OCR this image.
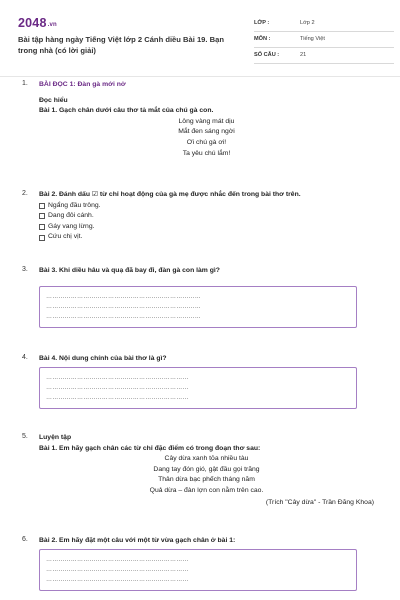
2048.vn
Bài tập hàng ngày Tiếng Việt lớp 2 Cánh diều Bài 19. Bạn trong nhà (có lời giải)
LỚP :	Lớp 2
MÔN :	Tiếng Việt
SỐ CÂU :	21
1. BÀI ĐỌC 1: Đàn gà mới nở
Đọc hiểu
Bài 1. Gạch chân dưới câu thơ tả mắt của chú gà con.
Lông vàng mát dịu
Mắt đen sáng ngời
Ơi chú gà ơi!
Ta yêu chú lắm!
2. Bài 2. Đánh dấu ☑ từ chỉ hoạt động của gà mẹ được nhắc đến trong bài thơ trên.
Ngẩng đầu trông.
Dang đôi cánh.
Gáy vang lừng.
Cứu chị vịt.
3. Bài 3. Khi diều hâu và quạ đã bay đi, đàn gà con làm gì?
…………………………………………………………………
…………………………………………………………………
…………………………………………………………………
4. Bài 4. Nội dung chính của bài thơ là gì?
……………………………………………………………
……………………………………………………………
……………………………………………………………
5. Luyện tập
Bài 1. Em hãy gạch chân các từ chỉ đặc điểm có trong đoạn thơ sau:
Cây dừa xanh tỏa nhiều tàu
Dang tay đón gió, gật đầu gọi trăng
Thân dừa bạc phếch tháng năm
Quả dừa – đàn lợn con nằm trên cao.
(Trích "Cây dừa" - Trần Đăng Khoa)
6. Bài 2. Em hãy đặt một câu với một từ vừa gạch chân ở bài 1:
……………………………………………………………
……………………………………………………………
……………………………………………………………
